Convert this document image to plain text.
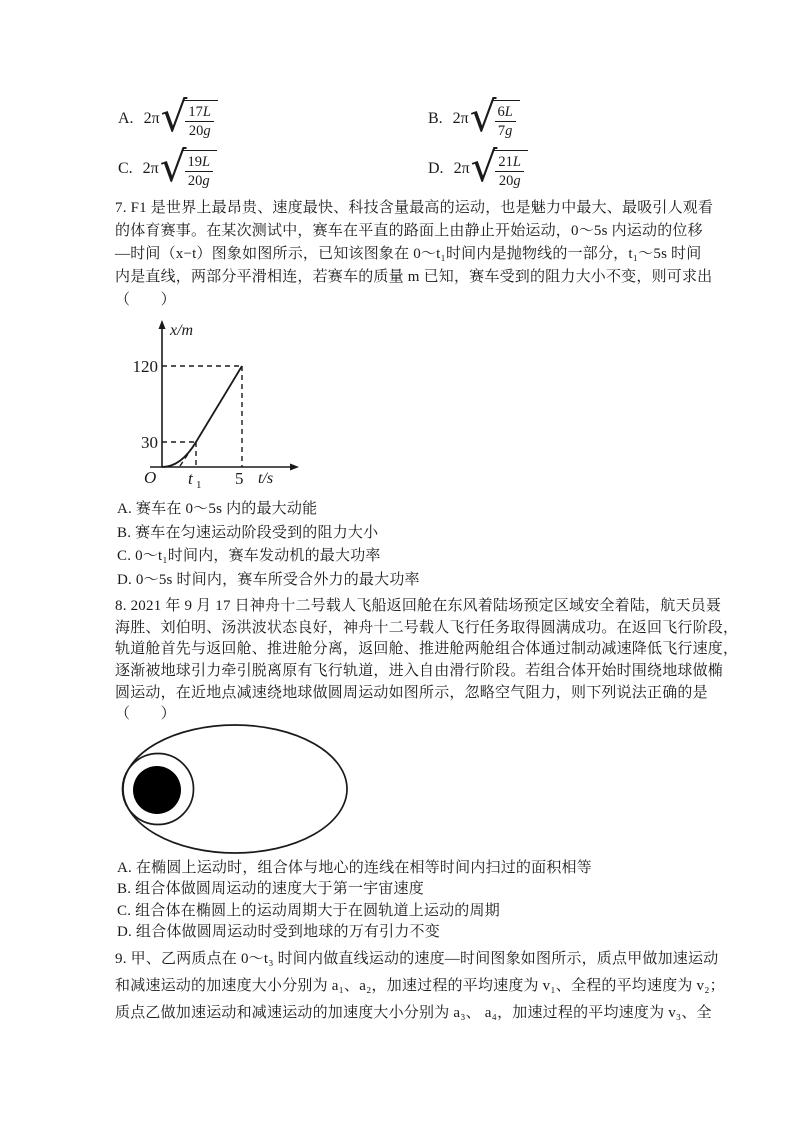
A. 2π √
$\frac{17L}{20g}$	B. 2π √
$\frac{6L}{7g}$
C. 2π √
$\frac{19L}{20g}$	D. 2π √
$\frac{21L}{20g}$
7. F1 是世界上最昂贵、速度最快、科技含量最高的运动，也是魅力中最大、最吸引人观看
的体育赛事。在某次测试中，赛车在平直的路面上由静止开始运动，0～5s 内运动的位移
—时间（x−t）图象如图所示，已知该图象在 0～t₁时间内是抛物线的一部分，t₁～5s 时间
内是直线，两部分平滑相连，若赛车的质量 m 已知，赛车受到的阻力大小不变，则可求出
（　　）
120
30
O
x/m
t 1 5 t/s
A. 赛车在 0～5s 内的最大动能
B. 赛车在匀速运动阶段受到的阻力大小
C. 0～t₁时间内，赛车发动机的最大功率
D. 0～5s 时间内，赛车所受合外力的最大功率
8. 2021 年 9 月 17 日神舟十二号载人飞船返回舱在东风着陆场预定区域安全着陆，航天员聂
海胜、刘伯明、汤洪波状态良好，神舟十二号载人飞行任务取得圆满成功。在返回飞行阶段，
轨道舱首先与返回舱、推进舱分离，返回舱、推进舱两舱组合体通过制动减速降低飞行速度，
逐渐被地球引力牵引脱离原有飞行轨道，进入自由滑行阶段。若组合体开始时围绕地球做椭
圆运动，在近地点减速绕地球做圆周运动如图所示，忽略空气阻力，则下列说法正确的是
（　　）
A. 在椭圆上运动时，组合体与地心的连线在相等时间内扫过的面积相等
B. 组合体做圆周运动的速度大于第一宇宙速度
C. 组合体在椭圆上的运动周期大于在圆轨道上运动的周期
D. 组合体做圆周运动时受到地球的万有引力不变
9. 甲、乙两质点在 0～t₃ 时间内做直线运动的速度—时间图象如图所示，质点甲做加速运动
和减速运动的加速度大小分别为 a₁、a₂，加速过程的平均速度为 v₁、全程的平均速度为 v₂；
质点乙做加速运动和减速运动的加速度大小分别为 a₃、 a₄，加速过程的平均速度为 v₃、全
